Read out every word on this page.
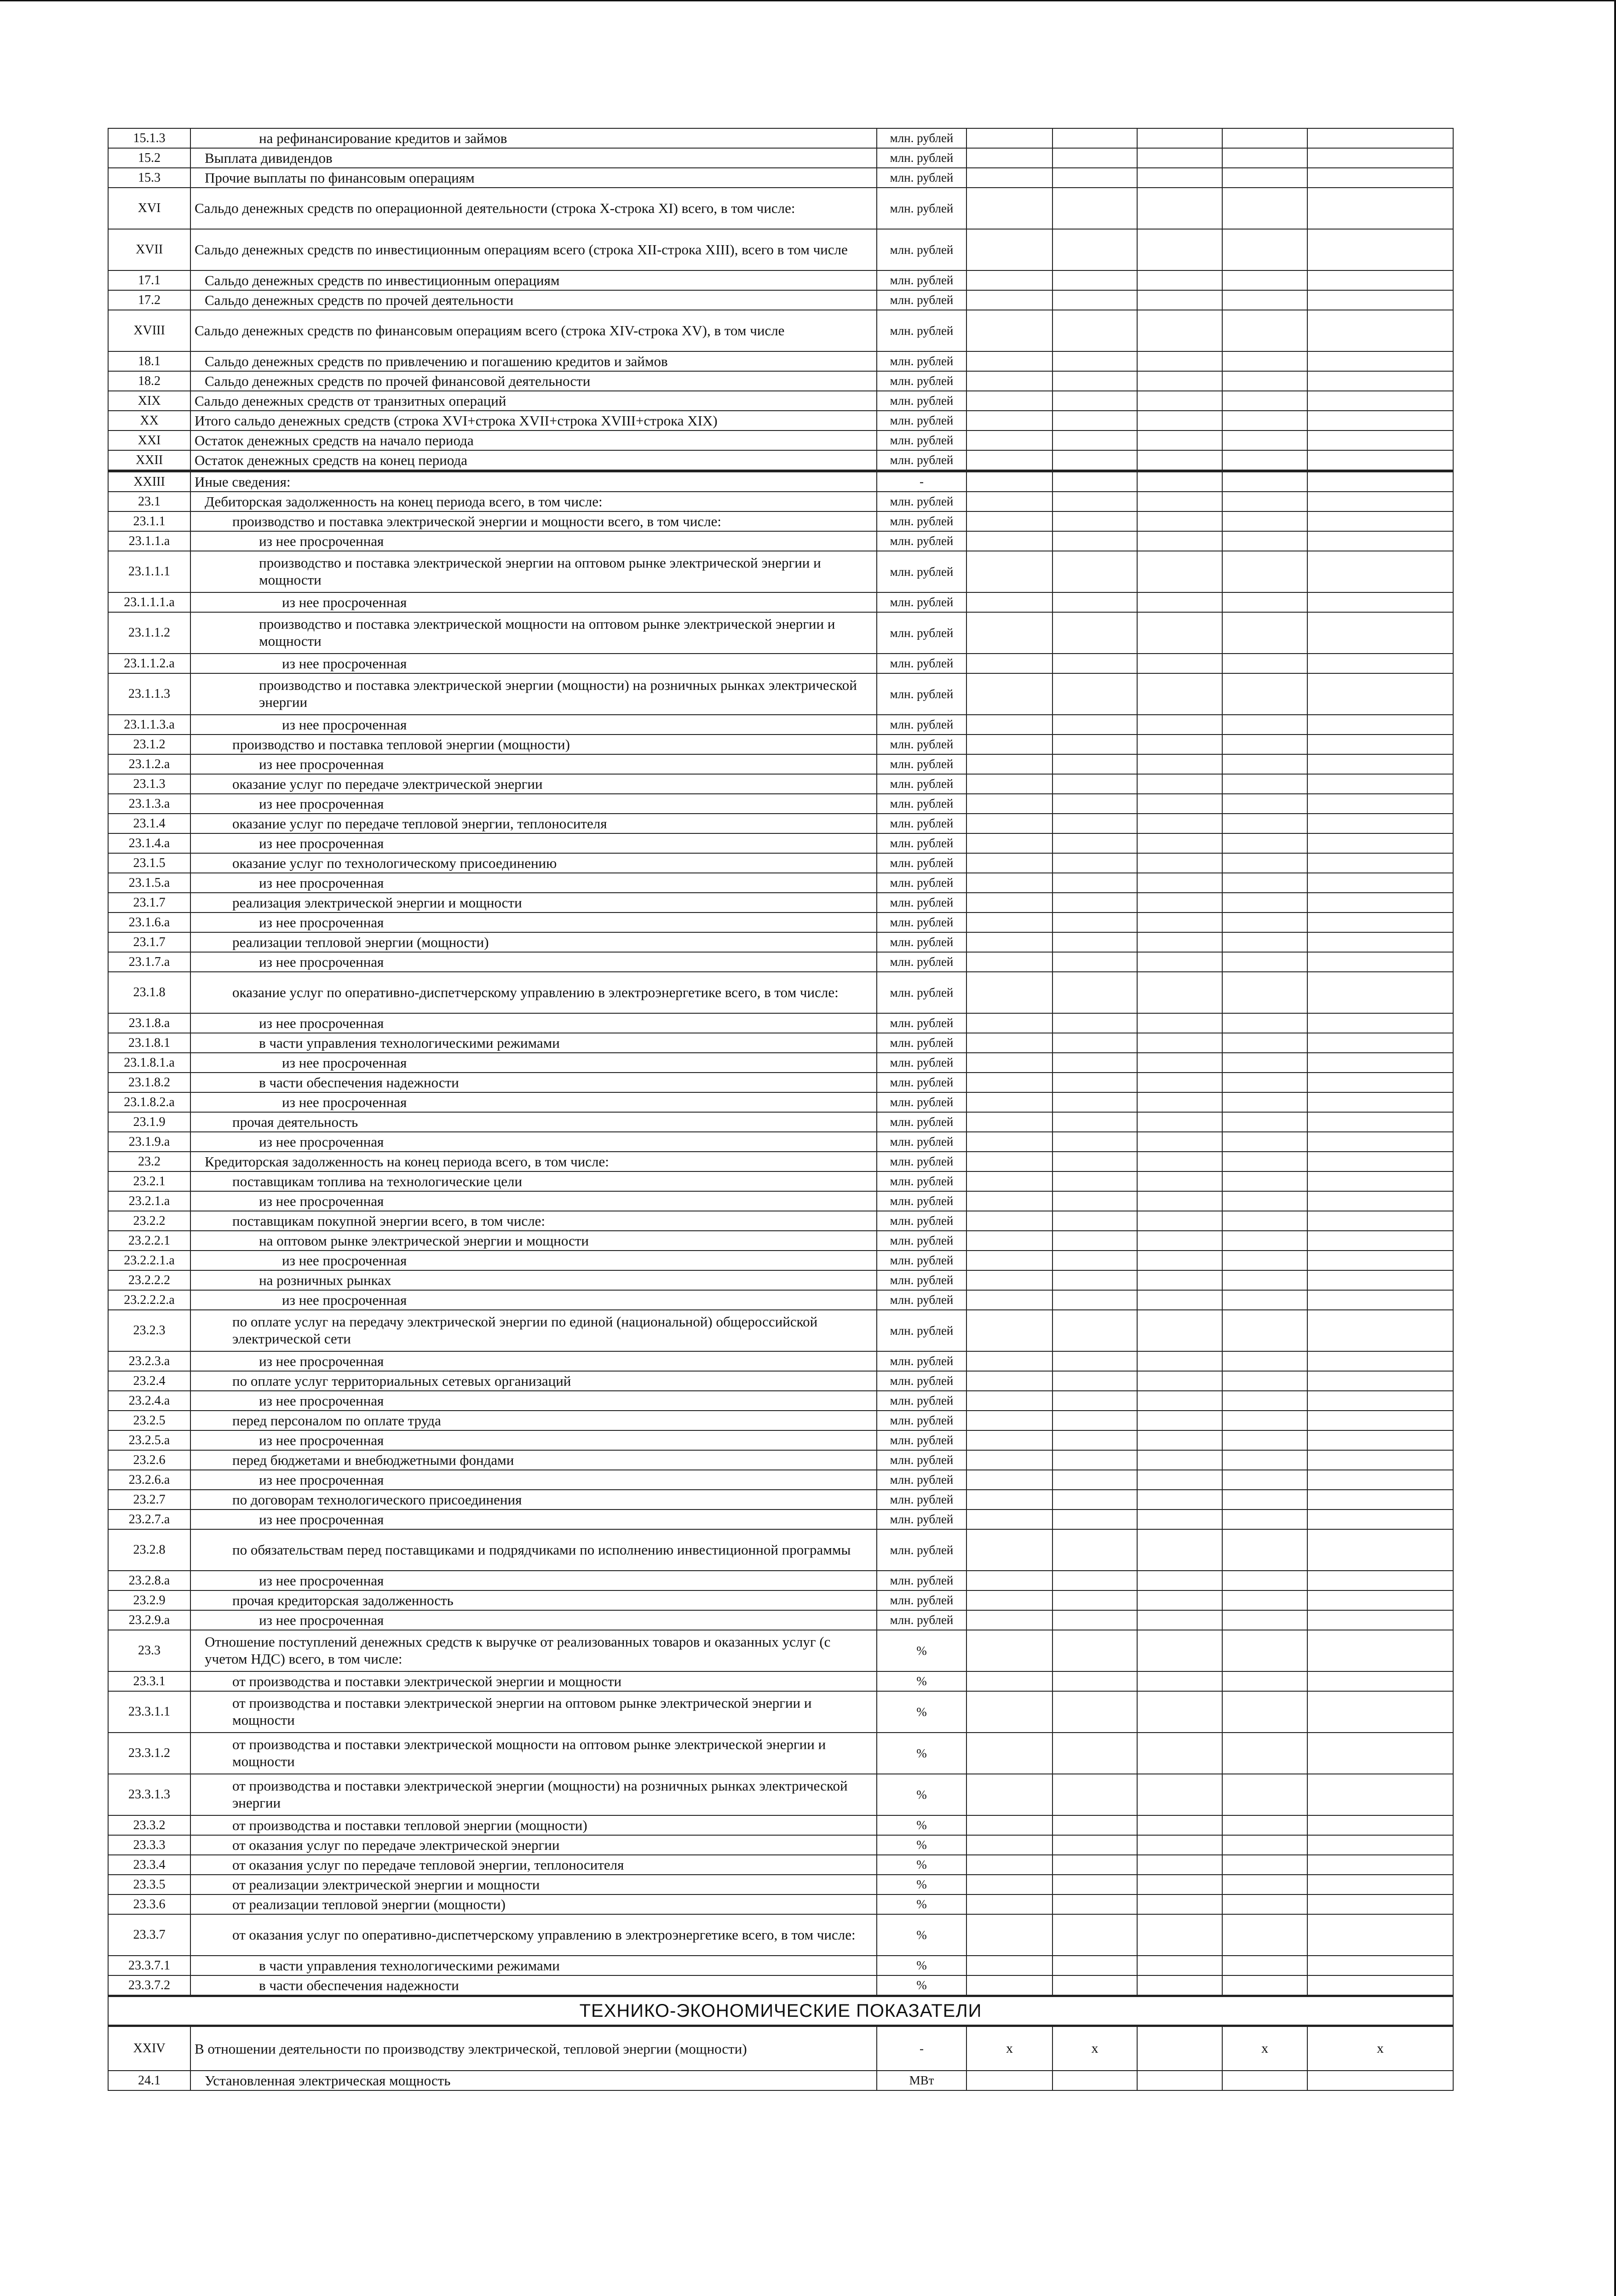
15.1.3	на рефинансирование кредитов и займов	млн. рублей					
15.2	Выплата дивидендов	млн. рублей					
15.3	Прочие выплаты по финансовым операциям	млн. рублей					
XVI	Сальдо денежных средств по операционной деятельности (строка X-строка XI) всего, в том числе:	млн. рублей					
XVII	Сальдо денежных средств по инвестиционным операциям всего (строка XII-строка XIII), всего в том числе	млн. рублей					
17.1	Сальдо денежных средств по инвестиционным операциям	млн. рублей					
17.2	Сальдо денежных средств по прочей деятельности	млн. рублей					
XVIII	Сальдо денежных средств по финансовым операциям всего (строка XIV-строка XV), в том числе	млн. рублей					
18.1	Сальдо денежных средств по привлечению и погашению кредитов и займов	млн. рублей					
18.2	Сальдо денежных средств по прочей финансовой деятельности	млн. рублей					
XIX	Сальдо денежных средств от транзитных операций	млн. рублей					
XX	Итого сальдо денежных средств (строка XVI+строка XVII+строка XVIII+строка XIX)	млн. рублей					
XXI	Остаток денежных средств на начало периода	млн. рублей					
XXII	Остаток денежных средств на конец периода	млн. рублей					
XXIII	Иные сведения:	-					
23.1	Дебиторская задолженность на конец периода всего, в том числе:	млн. рублей					
23.1.1	производство и поставка электрической энергии и мощности всего, в том числе:	млн. рублей					
23.1.1.a	из нее просроченная	млн. рублей					
23.1.1.1	производство и поставка электрической энергии на оптовом рынке электрической энергии и мощности	млн. рублей					
23.1.1.1.a	из нее просроченная	млн. рублей					
23.1.1.2	производство и поставка электрической мощности на оптовом рынке электрической энергии и мощности	млн. рублей					
23.1.1.2.a	из нее просроченная	млн. рублей					
23.1.1.3	производство и поставка электрической энергии (мощности) на розничных рынках электрической энергии	млн. рублей					
23.1.1.3.a	из нее просроченная	млн. рублей					
23.1.2	производство и поставка тепловой энергии (мощности)	млн. рублей					
23.1.2.a	из нее просроченная	млн. рублей					
23.1.3	оказание услуг по передаче электрической энергии	млн. рублей					
23.1.3.a	из нее просроченная	млн. рублей					
23.1.4	оказание услуг по передаче тепловой энергии, теплоносителя	млн. рублей					
23.1.4.a	из нее просроченная	млн. рублей					
23.1.5	оказание услуг по технологическому присоединению	млн. рублей					
23.1.5.a	из нее просроченная	млн. рублей					
23.1.7	реализация электрической энергии и мощности	млн. рублей					
23.1.6.a	из нее просроченная	млн. рублей					
23.1.7	реализации тепловой энергии (мощности)	млн. рублей					
23.1.7.a	из нее просроченная	млн. рублей					
23.1.8	оказание услуг по оперативно-диспетчерскому управлению в электроэнергетике всего, в том числе:	млн. рублей					
23.1.8.a	из нее просроченная	млн. рублей					
23.1.8.1	в части управления технологическими режимами	млн. рублей					
23.1.8.1.a	из нее просроченная	млн. рублей					
23.1.8.2	в части обеспечения надежности	млн. рублей					
23.1.8.2.a	из нее просроченная	млн. рублей					
23.1.9	прочая деятельность	млн. рублей					
23.1.9.a	из нее просроченная	млн. рублей					
23.2	Кредиторская задолженность на конец периода всего, в том числе:	млн. рублей					
23.2.1	поставщикам топлива на технологические цели	млн. рублей					
23.2.1.a	из нее просроченная	млн. рублей					
23.2.2	поставщикам покупной энергии всего, в том числе:	млн. рублей					
23.2.2.1	на оптовом рынке электрической энергии и мощности	млн. рублей					
23.2.2.1.a	из нее просроченная	млн. рублей					
23.2.2.2	на розничных рынках	млн. рублей					
23.2.2.2.a	из нее просроченная	млн. рублей					
23.2.3	по оплате услуг на передачу электрической энергии по единой (национальной) общероссийской электрической сети	млн. рублей					
23.2.3.a	из нее просроченная	млн. рублей					
23.2.4	по оплате услуг территориальных сетевых организаций	млн. рублей					
23.2.4.a	из нее просроченная	млн. рублей					
23.2.5	перед персоналом по оплате труда	млн. рублей					
23.2.5.a	из нее просроченная	млн. рублей					
23.2.6	перед бюджетами и внебюджетными фондами	млн. рублей					
23.2.6.a	из нее просроченная	млн. рублей					
23.2.7	по договорам технологического присоединения	млн. рублей					
23.2.7.a	из нее просроченная	млн. рублей					
23.2.8	по обязательствам перед поставщиками и подрядчиками по исполнению инвестиционной программы	млн. рублей					
23.2.8.a	из нее просроченная	млн. рублей					
23.2.9	прочая кредиторская задолженность	млн. рублей					
23.2.9.a	из нее просроченная	млн. рублей					
23.3	Отношение поступлений денежных средств к выручке от реализованных товаров и оказанных услуг (с учетом НДС) всего, в том числе:	%					
23.3.1	от производства и поставки электрической энергии и мощности	%					
23.3.1.1	от производства и поставки электрической энергии на оптовом рынке электрической энергии и мощности	%					
23.3.1.2	от производства и поставки электрической мощности на оптовом рынке электрической энергии и мощности	%					
23.3.1.3	от производства и поставки электрической энергии (мощности) на розничных рынках электрической энергии	%					
23.3.2	от производства и поставки тепловой энергии (мощности)	%					
23.3.3	от оказания услуг по передаче электрической энергии	%					
23.3.4	от оказания услуг по передаче тепловой энергии, теплоносителя	%					
23.3.5	от реализации электрической энергии и мощности	%					
23.3.6	от реализации тепловой энергии (мощности)	%					
23.3.7	от оказания услуг по оперативно-диспетчерскому управлению в электроэнергетике всего, в том числе:	%					
23.3.7.1	в части управления технологическими режимами	%					
23.3.7.2	в части обеспечения надежности	%					
ТЕХНИКО-ЭКОНОМИЧЕСКИЕ ПОКАЗАТЕЛИ							
XXIV	В отношении деятельности по производству электрической, тепловой энергии (мощности)	-	x	x		x	x
24.1	Установленная электрическая мощность	МВт					
